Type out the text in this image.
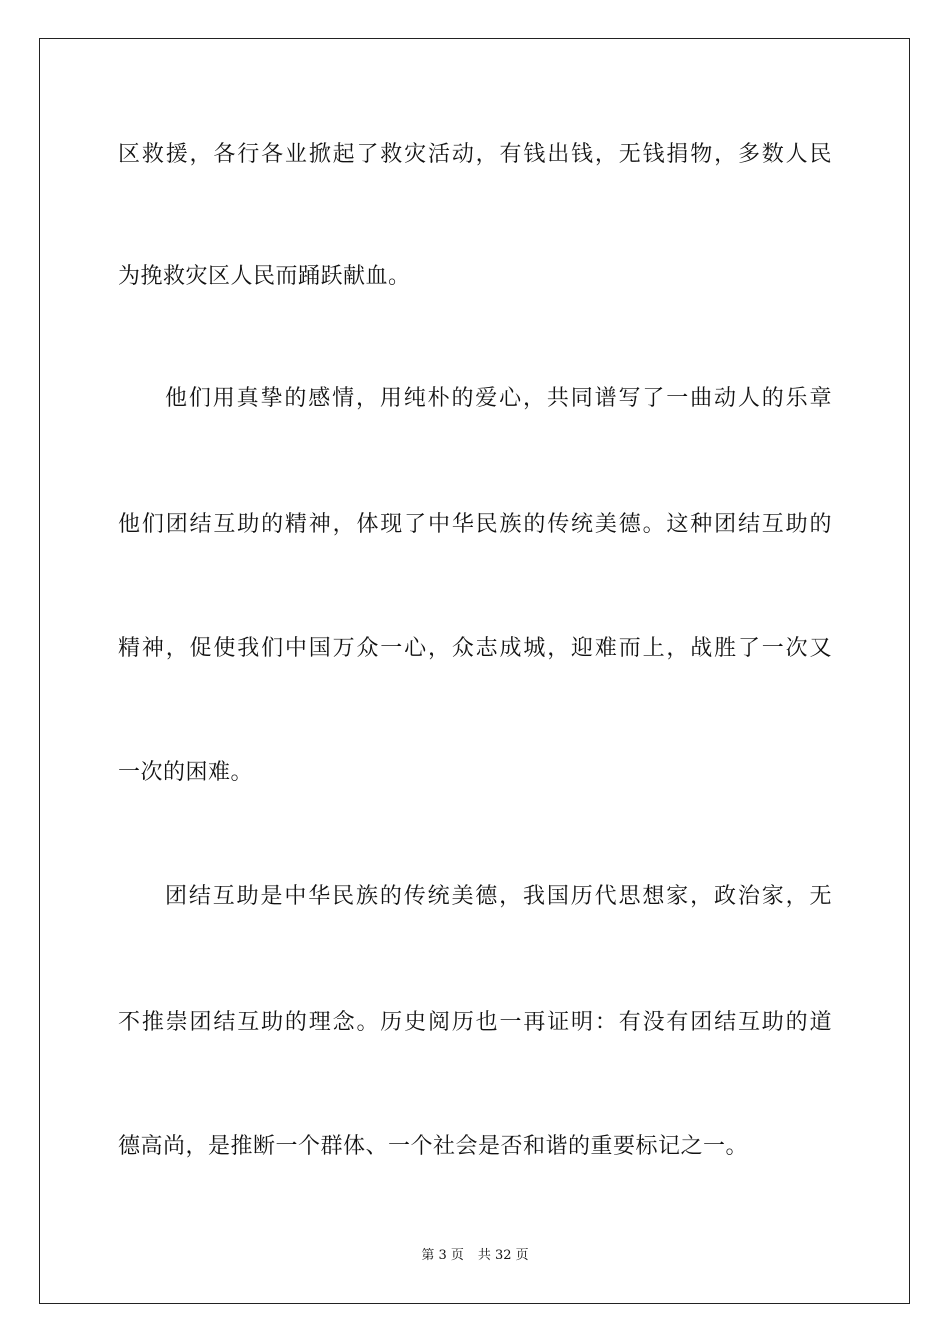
区救援，各行各业掀起了救灾活动，有钱出钱，无钱捐物，多数人民
为挽救灾区人民而踊跃献血。
他们用真挚的感情，用纯朴的爱心，共同谱写了一曲动人的乐章
他们团结互助的精神，体现了中华民族的传统美德。这种团结互助的
精神，促使我们中国万众一心，众志成城，迎难而上，战胜了一次又
一次的困难。
团结互助是中华民族的传统美德，我国历代思想家，政治家，无
不推崇团结互助的理念。历史阅历也一再证明：有没有团结互助的道
德高尚，是推断一个群体、一个社会是否和谐的重要标记之一。
第 3 页 共 32 页
